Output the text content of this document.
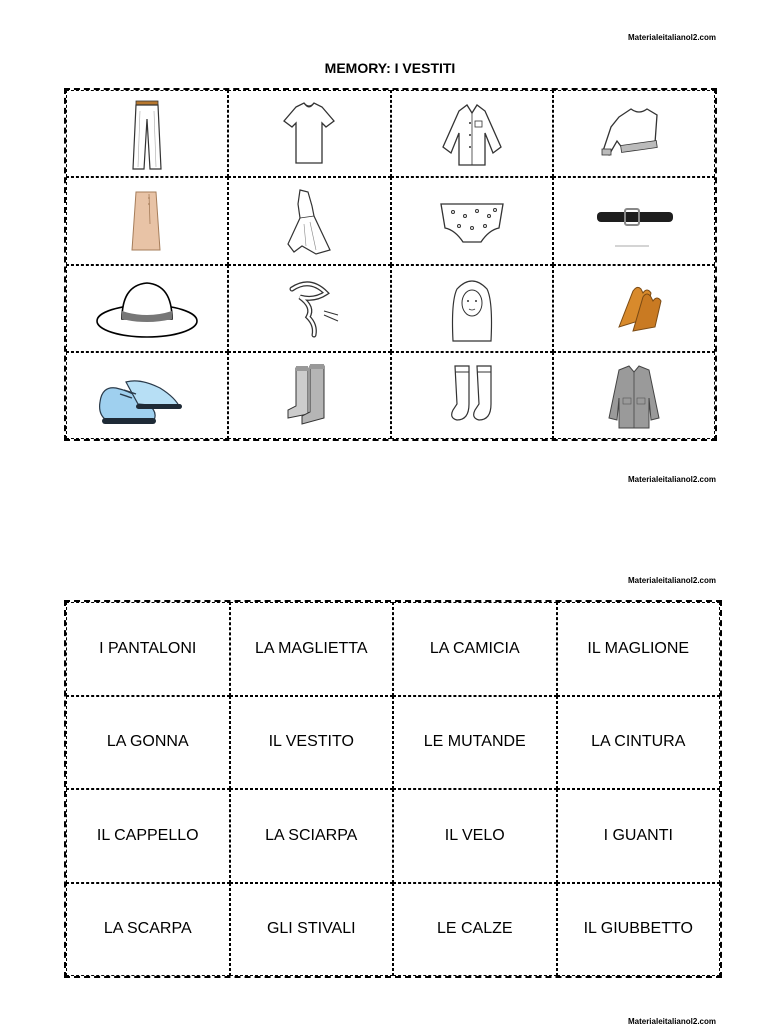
Materialeitalianol2.com
MEMORY: I VESTITI
Materialeitalianol2.com
Materialeitalianol2.com
I PANTALONI	LA MAGLIETTA	LA CAMICIA	IL MAGLIONE
LA GONNA	IL VESTITO	LE MUTANDE	LA CINTURA
IL CAPPELLO	LA SCIARPA	IL VELO	I GUANTI
LA SCARPA	GLI STIVALI	LE CALZE	IL GIUBBETTO
Materialeitalianol2.com
